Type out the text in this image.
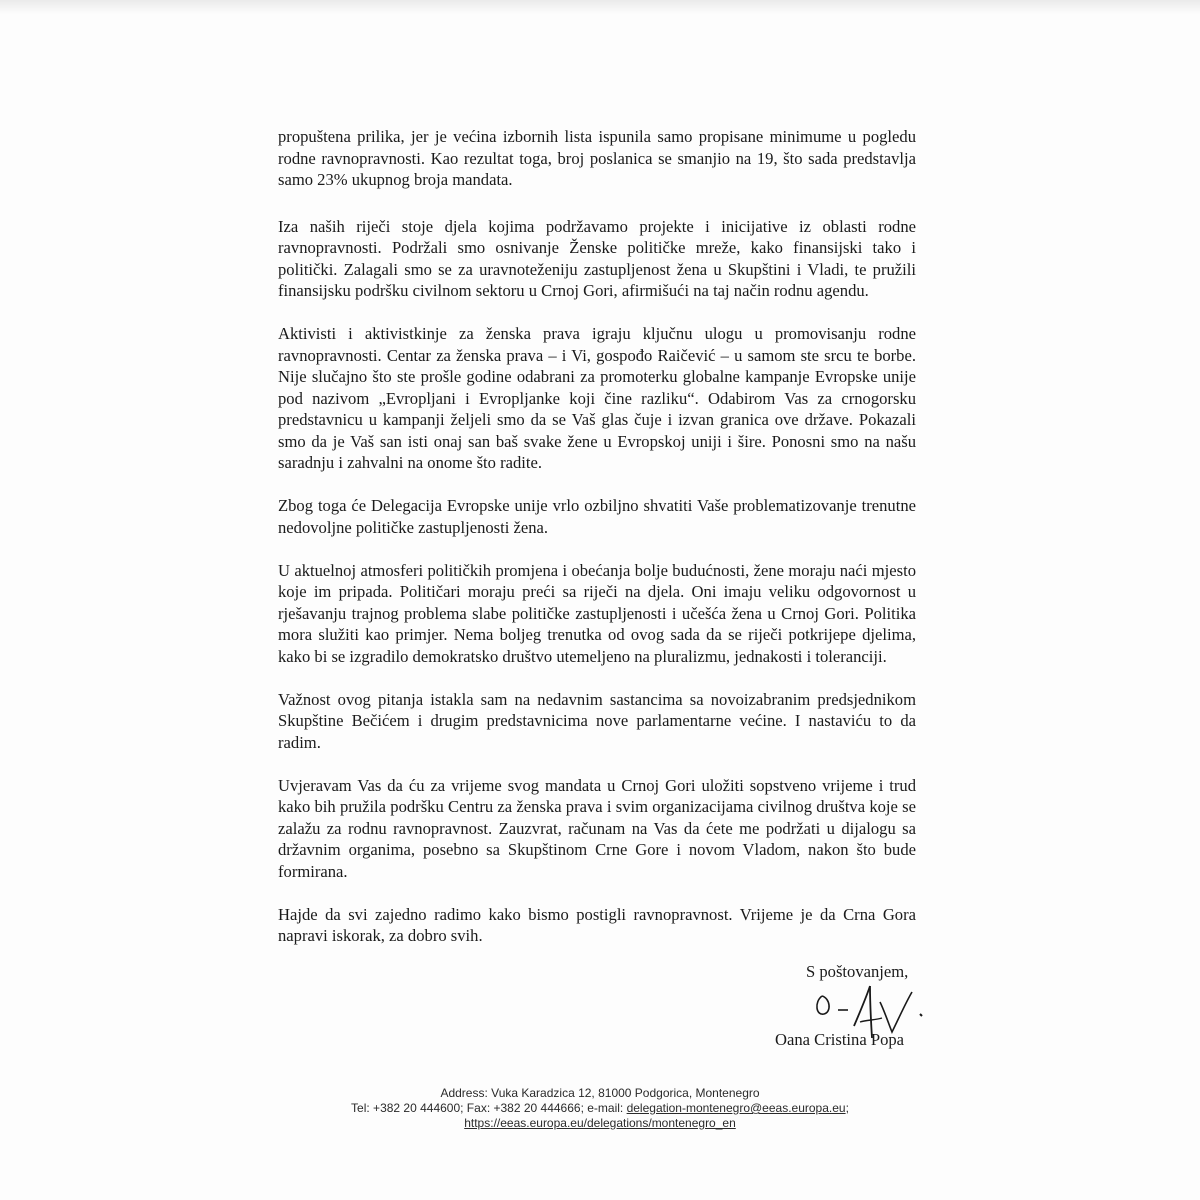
propuštena prilika, jer je većina izbornih lista ispunila samo propisane minimume u pogledu rodne ravnopravnosti. Kao rezultat toga, broj poslanica se smanjio na 19, što sada predstavlja samo 23% ukupnog broja mandata.

Iza naših riječi stoje djela kojima podržavamo projekte i inicijative iz oblasti rodne ravnopravnosti. Podržali smo osnivanje Ženske političke mreže, kako finansijski tako i politički. Zalagali smo se za uravnoteženiju zastupljenost žena u Skupštini i Vladi, te pružili finansijsku podršku civilnom sektoru u Crnoj Gori, afirmišući na taj način rodnu agendu.

Aktivisti i aktivistkinje za ženska prava igraju ključnu ulogu u promovisanju rodne ravnopravnosti. Centar za ženska prava – i Vi, gospođo Raičević – u samom ste srcu te borbe. Nije slučajno što ste prošle godine odabrani za promoterku globalne kampanje Evropske unije pod nazivom „Evropljani i Evropljanke koji čine razliku“. Odabirom Vas za crnogorsku predstavnicu u kampanji željeli smo da se Vaš glas čuje i izvan granica ove države. Pokazali smo da je Vaš san isti onaj san baš svake žene u Evropskoj uniji i šire. Ponosni smo na našu saradnju i zahvalni na onome što radite.

Zbog toga će Delegacija Evropske unije vrlo ozbiljno shvatiti Vaše problematizovanje trenutne nedovoljne političke zastupljenosti žena.

U aktuelnoj atmosferi političkih promjena i obećanja bolje budućnosti, žene moraju naći mjesto koje im pripada. Političari moraju preći sa riječi na djela. Oni imaju veliku odgovornost u rješavanju trajnog problema slabe političke zastupljenosti i učešća žena u Crnoj Gori. Politika mora služiti kao primjer. Nema boljeg trenutka od ovog sada da se riječi potkrijepe djelima, kako bi se izgradilo demokratsko društvo utemeljeno na pluralizmu, jednakosti i toleranciji.

Važnost ovog pitanja istakla sam na nedavnim sastancima sa novoizabranim predsjednikom Skupštine Bečićem i drugim predstavnicima nove parlamentarne većine. I nastaviću to da radim.

Uvjeravam Vas da ću za vrijeme svog mandata u Crnoj Gori uložiti sopstveno vrijeme i trud kako bih pružila podršku Centru za ženska prava i svim organizacijama civilnog društva koje se zalažu za rodnu ravnopravnost. Zauzvrat, računam na Vas da ćete me podržati u dijalogu sa državnim organima, posebno sa Skupštinom Crne Gore i novom Vladom, nakon što bude formirana.

Hajde da svi zajedno radimo kako bismo postigli ravnopravnost. Vrijeme je da Crna Gora napravi iskorak, za dobro svih.

S poštovanjem,
Oana Cristina Popa
Address: Vuka Karadzica 12, 81000 Podgorica, Montenegro
Tel: +382 20 444600; Fax: +382 20 444666; e-mail: delegation-montenegro@eeas.europa.eu;
https://eeas.europa.eu/delegations/montenegro_en
